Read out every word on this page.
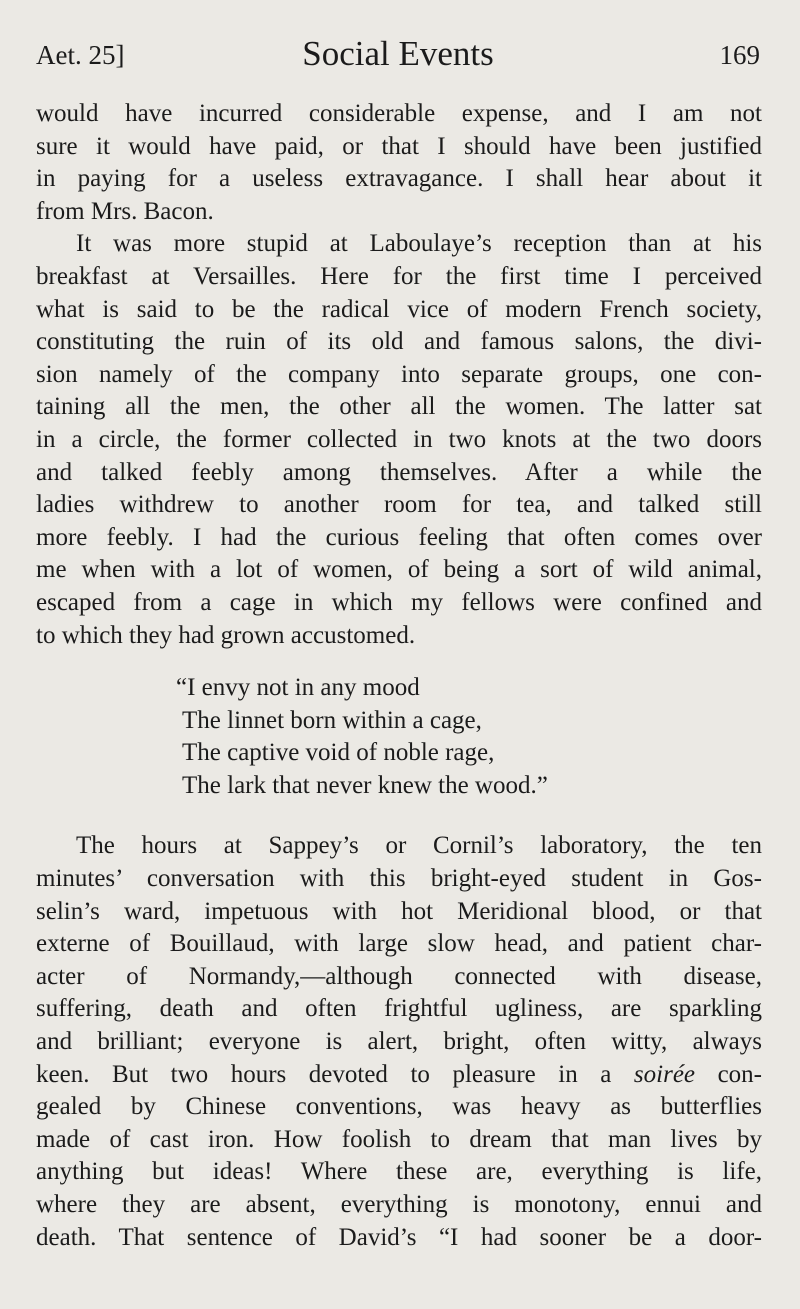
Aet. 25]	Social Events	169
would have incurred considerable expense, and I am not
sure it would have paid, or that I should have been justified
in paying for a useless extravagance. I shall hear about it
from Mrs. Bacon.
It was more stupid at Laboulaye’s reception than at his
breakfast at Versailles. Here for the first time I perceived
what is said to be the radical vice of modern French society,
constituting the ruin of its old and famous salons, the divi-
sion namely of the company into separate groups, one con-
taining all the men, the other all the women. The latter sat
in a circle, the former collected in two knots at the two doors
and talked feebly among themselves. After a while the
ladies withdrew to another room for tea, and talked still
more feebly. I had the curious feeling that often comes over
me when with a lot of women, of being a sort of wild animal,
escaped from a cage in which my fellows were confined and
to which they had grown accustomed.
“I envy not in any mood
The linnet born within a cage,
The captive void of noble rage,
The lark that never knew the wood.”
The hours at Sappey’s or Cornil’s laboratory, the ten
minutes’ conversation with this bright-eyed student in Gos-
selin’s ward, impetuous with hot Meridional blood, or that
externe of Bouillaud, with large slow head, and patient char-
acter of Normandy,—although connected with disease,
suffering, death and often frightful ugliness, are sparkling
and brilliant; everyone is alert, bright, often witty, always
keen. But two hours devoted to pleasure in a soirée con-
gealed by Chinese conventions, was heavy as butterflies
made of cast iron. How foolish to dream that man lives by
anything but ideas! Where these are, everything is life,
where they are absent, everything is monotony, ennui and
death. That sentence of David’s “I had sooner be a door-
